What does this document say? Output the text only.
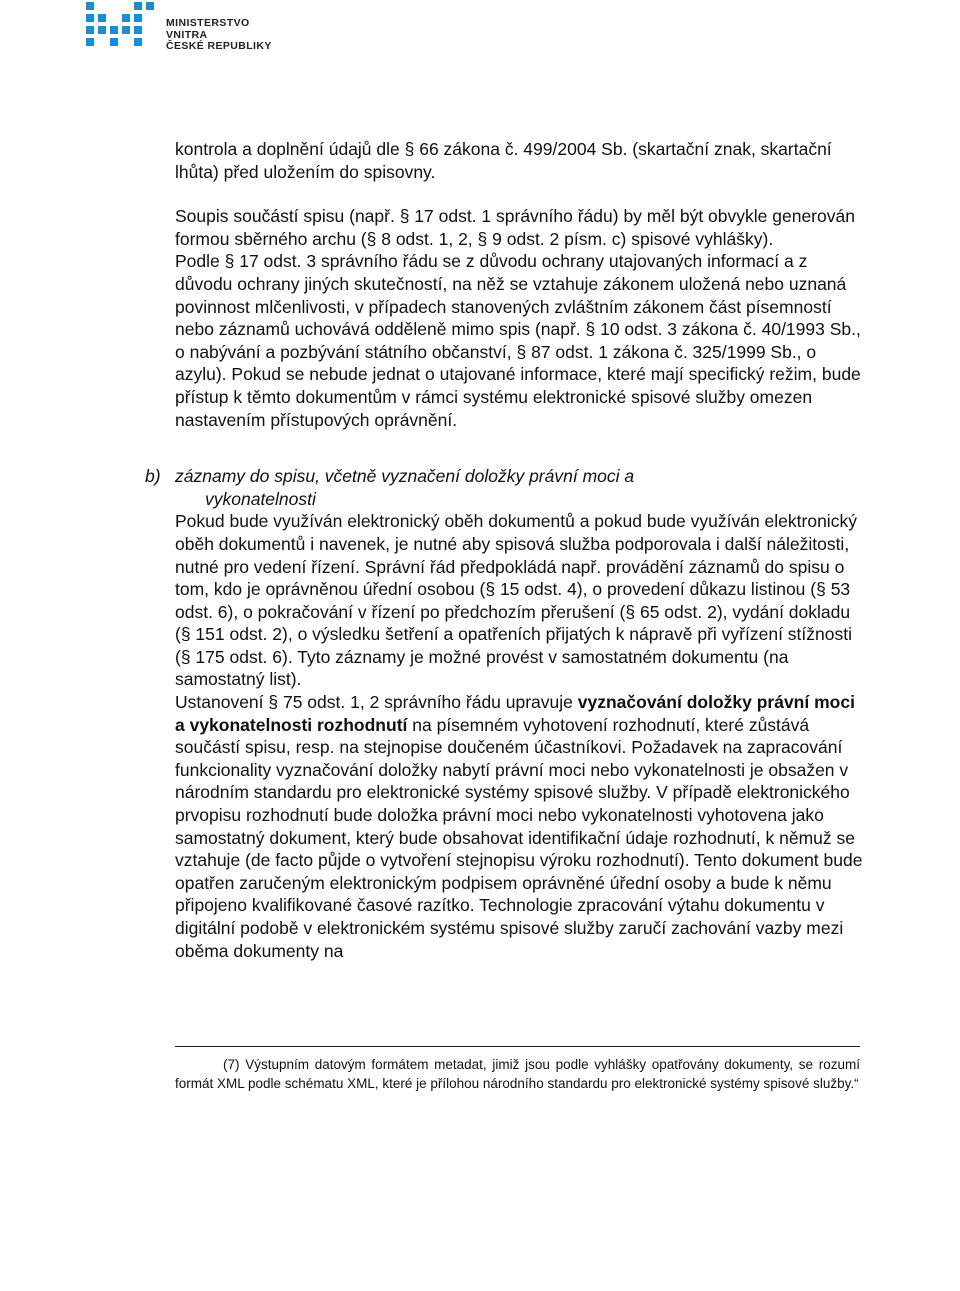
MINISTERSTVO VNITRA
ČESKÉ REPUBLIKY

kontrola a doplnění údajů dle § 66 zákona č. 499/2004 Sb. (skartační znak, skartační lhůta) před uložením do spisovny.

Soupis součástí spisu (např. § 17 odst. 1 správního řádu) by měl být obvykle generován formou sběrného archu (§ 8 odst. 1, 2, § 9 odst. 2 písm. c) spisové vyhlášky).

Podle § 17 odst. 3 správního řádu se z důvodu ochrany utajovaných informací a z důvodu ochrany jiných skutečností, na něž se vztahuje zákonem uložená nebo uznaná povinnost mlčenlivosti, v případech stanovených zvláštním zákonem část písemností nebo záznamů uchovává odděleně mimo spis (např. § 10 odst. 3 zákona č. 40/1993 Sb., o nabývání a pozbývání státního občanství, § 87 odst. 1 zákona č. 325/1999 Sb., o azylu). Pokud se nebude jednat o utajované informace, které mají specifický režim, bude přístup k těmto dokumentům v rámci systému elektronické spisové služby omezen nastavením přístupových oprávnění.

b) záznamy do spisu, včetně vyznačení doložky právní moci a
vykonatelnosti

Pokud bude využíván elektronický oběh dokumentů a pokud bude využíván elektronický oběh dokumentů i navenek, je nutné aby spisová služba podporovala i další náležitosti, nutné pro vedení řízení. Správní řád předpokládá např. provádění záznamů do spisu o tom, kdo je oprávněnou úřední osobou (§ 15 odst. 4), o provedení důkazu listinou (§ 53 odst. 6), o pokračování v řízení po předchozím přerušení (§ 65 odst. 2), vydání dokladu (§ 151 odst. 2), o výsledku šetření a opatřeních přijatých k nápravě při vyřízení stížnosti (§ 175 odst. 6). Tyto záznamy je možné provést v samostatném dokumentu (na samostatný list).

Ustanovení § 75 odst. 1, 2 správního řádu upravuje vyznačování doložky právní moci a vykonatelnosti rozhodnutí na písemném vyhotovení rozhodnutí, které zůstává součástí spisu, resp. na stejnopise doučeném účastníkovi. Požadavek na zapracování funkcionality vyznačování doložky nabytí právní moci nebo vykonatelnosti je obsažen v národním standardu pro elektronické systémy spisové služby. V případě elektronického prvopisu rozhodnutí bude doložka právní moci nebo vykonatelnosti vyhotovena jako samostatný dokument, který bude obsahovat identifikační údaje rozhodnutí, k němuž se vztahuje (de facto půjde o vytvoření stejnopisu výroku rozhodnutí). Tento dokument bude opatřen zaručeným elektronickým podpisem oprávněné úřední osoby a bude k němu připojeno kvalifikované časové razítko. Technologie zpracování výtahu dokumentu v digitální podobě v elektronickém systému spisové služby zaručí zachování vazby mezi oběma dokumenty na

(7) Výstupním datovým formátem metadat, jimiž jsou podle vyhlášky opatřovány dokumenty, se rozumí formát XML podle schématu XML, které je přílohou národního standardu pro elektronické systémy spisové služby.“
